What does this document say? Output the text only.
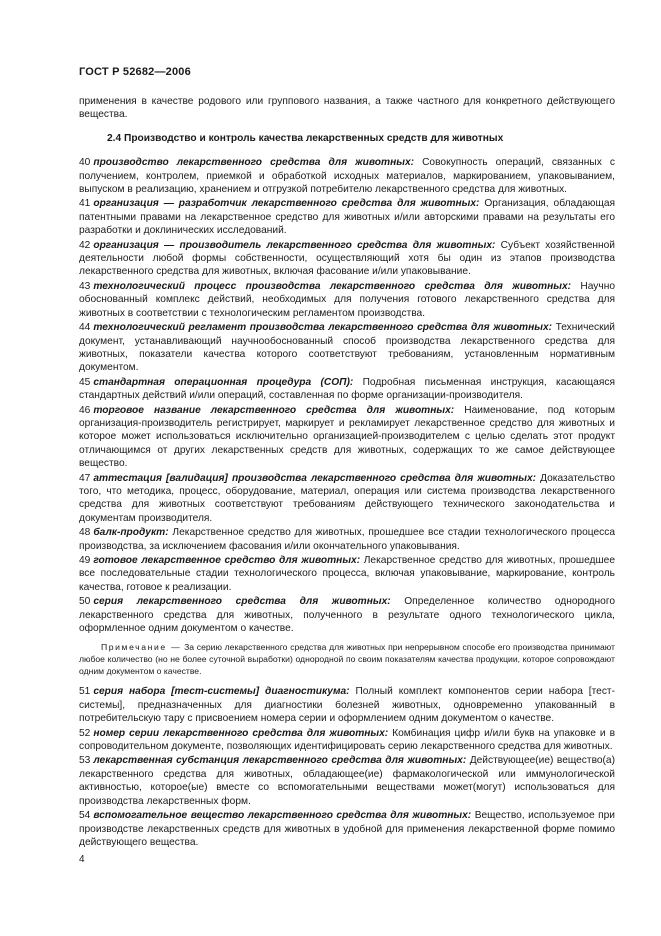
ГОСТ Р 52682—2006

применения в качестве родового или группового названия, а также частного для конкретного действующего вещества.

2.4 Производство и контроль качества лекарственных средств для животных

40 производство лекарственного средства для животных: Совокупность операций, связанных с получением, контролем, приемкой и обработкой исходных материалов, маркированием, упаковыванием, выпуском в реализацию, хранением и отгрузкой потребителю лекарственного средства для животных.

41 организация — разработчик лекарственного средства для животных: Организация, обладающая патентными правами на лекарственное средство для животных и/или авторскими правами на результаты его разработки и доклинических исследований.

42 организация — производитель лекарственного средства для животных: Субъект хозяйственной деятельности любой формы собственности, осуществляющий хотя бы один из этапов производства лекарственного средства для животных, включая фасование и/или упаковывание.

43 технологический процесс производства лекарственного средства для животных: Научно обоснованный комплекс действий, необходимых для получения готового лекарственного средства для животных в соответствии с технологическим регламентом производства.

44 технологический регламент производства лекарственного средства для животных: Технический документ, устанавливающий научнообоснованный способ производства лекарственного средства для животных, показатели качества которого соответствуют требованиям, установленным нормативным документом.

45 стандартная операционная процедура (СОП): Подробная письменная инструкция, касающаяся стандартных действий и/или операций, составленная по форме организации-производителя.

46 торговое название лекарственного средства для животных: Наименование, под которым организация-производитель регистрирует, маркирует и рекламирует лекарственное средство для животных и которое может использоваться исключительно организацией-производителем с целью сделать этот продукт отличающимся от других лекарственных средств для животных, содержащих то же самое действующее вещество.

47 аттестация [валидация] производства лекарственного средства для животных: Доказательство того, что методика, процесс, оборудование, материал, операция или система производства лекарственного средства для животных соответствуют требованиям действующего технического законодательства и документам производителя.

48 балк-продукт: Лекарственное средство для животных, прошедшее все стадии технологического процесса производства, за исключением фасования и/или окончательного упаковывания.

49 готовое лекарственное средство для животных: Лекарственное средство для животных, прошедшее все последовательные стадии технологического процесса, включая упаковывание, маркирование, контроль качества, готовое к реализации.

50 серия лекарственного средства для животных: Определенное количество однородного лекарственного средства для животных, полученного в результате одного технологического цикла, оформленное одним документом о качестве.

Примечание — За серию лекарственного средства для животных при непрерывном способе его производства принимают любое количество (но не более суточной выработки) однородной по своим показателям качества продукции, которое сопровождают одним документом о качестве.

51 серия набора [тест-системы] диагностикума: Полный комплект компонентов серии набора [тест-системы], предназначенных для диагностики болезней животных, одновременно упакованный в потребительскую тару с присвоением номера серии и оформлением одним документом о качестве.

52 номер серии лекарственного средства для животных: Комбинация цифр и/или букв на упаковке и в сопроводительном документе, позволяющих идентифицировать серию лекарственного средства для животных.

53 лекарственная субстанция лекарственного средства для животных: Действующее(ие) вещество(а) лекарственного средства для животных, обладающее(ие) фармакологической или иммунологической активностью, которое(ые) вместе со вспомогательными веществами может(могут) использоваться для производства лекарственных форм.

54 вспомогательное вещество лекарственного средства для животных: Вещество, используемое при производстве лекарственных средств для животных в удобной для применения лекарственной форме помимо действующего вещества.

4
